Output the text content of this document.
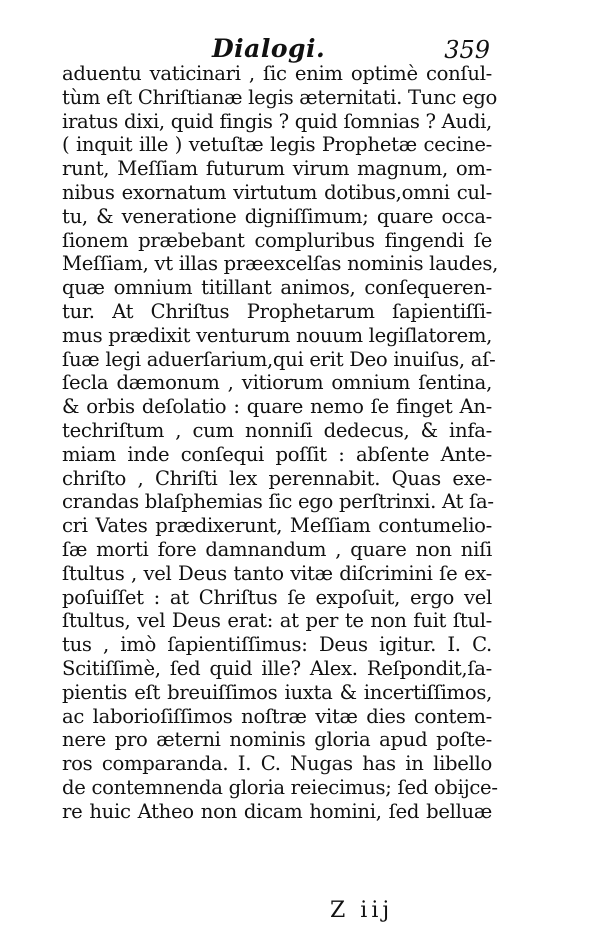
Dialogi.	359
aduentu vaticinari , ſic enim optimè conſul-
tùm eſt Chriſtianæ legis æternitati. Tunc ego
iratus dixi, quid fingis ? quid ſomnias ? Audi,
( inquit ille ) vetuſtæ legis Prophetæ cecine-
runt, Meſſiam futurum virum magnum, om-
nibus exornatum virtutum dotibus,omni cul-
tu, & veneratione digniſſimum; quare occa-
ſionem præbebant compluribus fingendi ſe
Meſſiam, vt illas præexcelſas nominis laudes,
quæ omnium titillant animos, conſequeren-
tur. At Chriſtus Prophetarum ſapientiſſi-
mus prædixit venturum nouum legiſlatorem,
ſuæ legi aduerſarium,qui erit Deo inuiſus, aſ-
ſecla dæmonum , vitiorum omnium ſentina,
& orbis deſolatio : quare nemo ſe finget An-
techriſtum , cum nonniſi dedecus, & infa-
miam inde conſequi poſſit : abſente Ante-
chriſto , Chriſti lex perennabit. Quas exe-
crandas blaſphemias ſic ego perſtrinxi. At ſa-
cri Vates prædixerunt, Meſſiam contumelio-
ſæ morti fore damnandum , quare non niſi
ſtultus , vel Deus tanto vitæ diſcrimini ſe ex-
poſuiſſet : at Chriſtus ſe expoſuit, ergo vel
ſtultus, vel Deus erat: at per te non fuit ſtul-
tus , imò ſapientiſſimus: Deus igitur. I. C.
Scitiſſimè, ſed quid ille? Alex. Reſpondit,ſa-
pientis eſt breuiſſimos iuxta & incertiſſimos,
ac laborioſiſſimos noſtræ vitæ dies contem-
nere pro æterni nominis gloria apud poſte-
ros comparanda. I. C. Nugas has in libello
de contemnenda gloria reiecimus; ſed obijce-
re huic Atheo non dicam homini, ſed belluæ
Z iij
